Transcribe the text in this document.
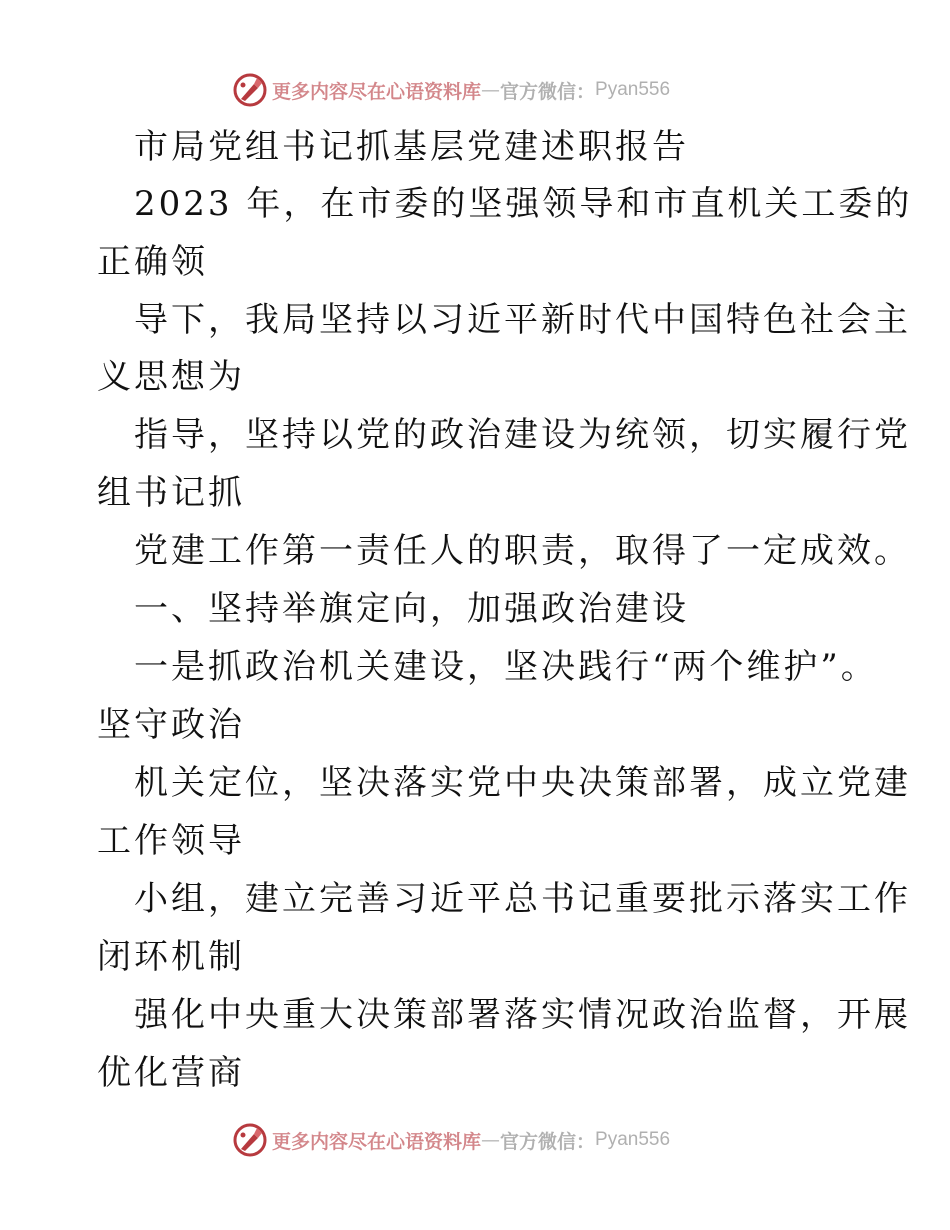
更多内容尽在心语资料库 — 官方微信： Pyan556
市局党组书记抓基层党建述职报告
2023 年，在市委的坚强领导和市直机关工委的
正确领
导下，我局坚持以习近平新时代中国特色社会主
义思想为
指导，坚持以党的政治建设为统领，切实履行党
组书记抓
党建工作第一责任人的职责，取得了一定成效。
一、坚持举旗定向，加强政治建设
一是抓政治机关建设，坚决践行“两个维护”。
坚守政治
机关定位，坚决落实党中央决策部署，成立党建
工作领导
小组，建立完善习近平总书记重要批示落实工作
闭环机制
强化中央重大决策部署落实情况政治监督，开展
优化营商
更多内容尽在心语资料库 — 官方微信： Pyan556
